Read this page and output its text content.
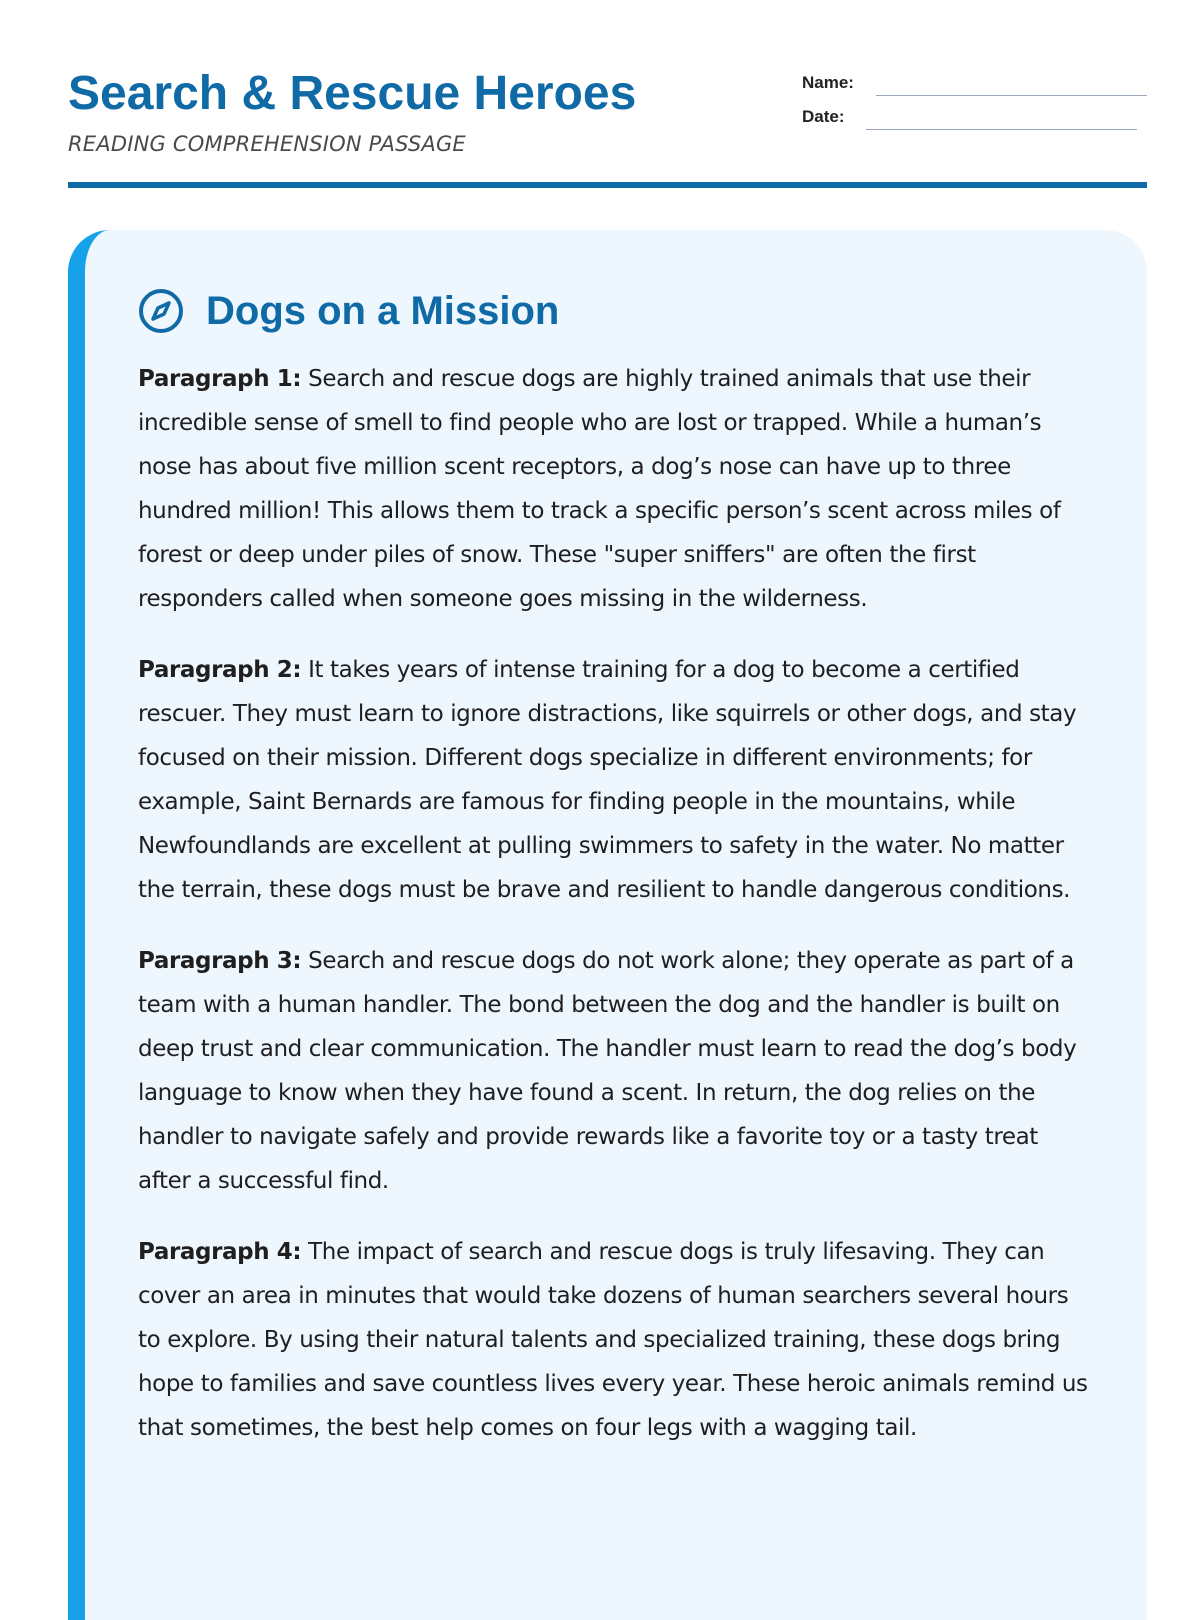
Search & Rescue Heroes
READING COMPREHENSION PASSAGE
Name:
Date:
Dogs on a Mission

Paragraph 1: Search and rescue dogs are highly trained animals that use their incredible sense of smell to find people who are lost or trapped. While a human’s nose has about five million scent receptors, a dog’s nose can have up to three hundred million! This allows them to track a specific person’s scent across miles of forest or deep under piles of snow. These "super sniffers" are often the first responders called when someone goes missing in the wilderness.

Paragraph 2: It takes years of intense training for a dog to become a certified rescuer. They must learn to ignore distractions, like squirrels or other dogs, and stay focused on their mission. Different dogs specialize in different environments; for example, Saint Bernards are famous for finding people in the mountains, while Newfoundlands are excellent at pulling swimmers to safety in the water. No matter the terrain, these dogs must be brave and resilient to handle dangerous conditions.

Paragraph 3: Search and rescue dogs do not work alone; they operate as part of a team with a human handler. The bond between the dog and the handler is built on deep trust and clear communication. The handler must learn to read the dog’s body language to know when they have found a scent. In return, the dog relies on the handler to navigate safely and provide rewards like a favorite toy or a tasty treat after a successful find.

Paragraph 4: The impact of search and rescue dogs is truly lifesaving. They can cover an area in minutes that would take dozens of human searchers several hours to explore. By using their natural talents and specialized training, these dogs bring hope to families and save countless lives every year. These heroic animals remind us that sometimes, the best help comes on four legs with a wagging tail.
